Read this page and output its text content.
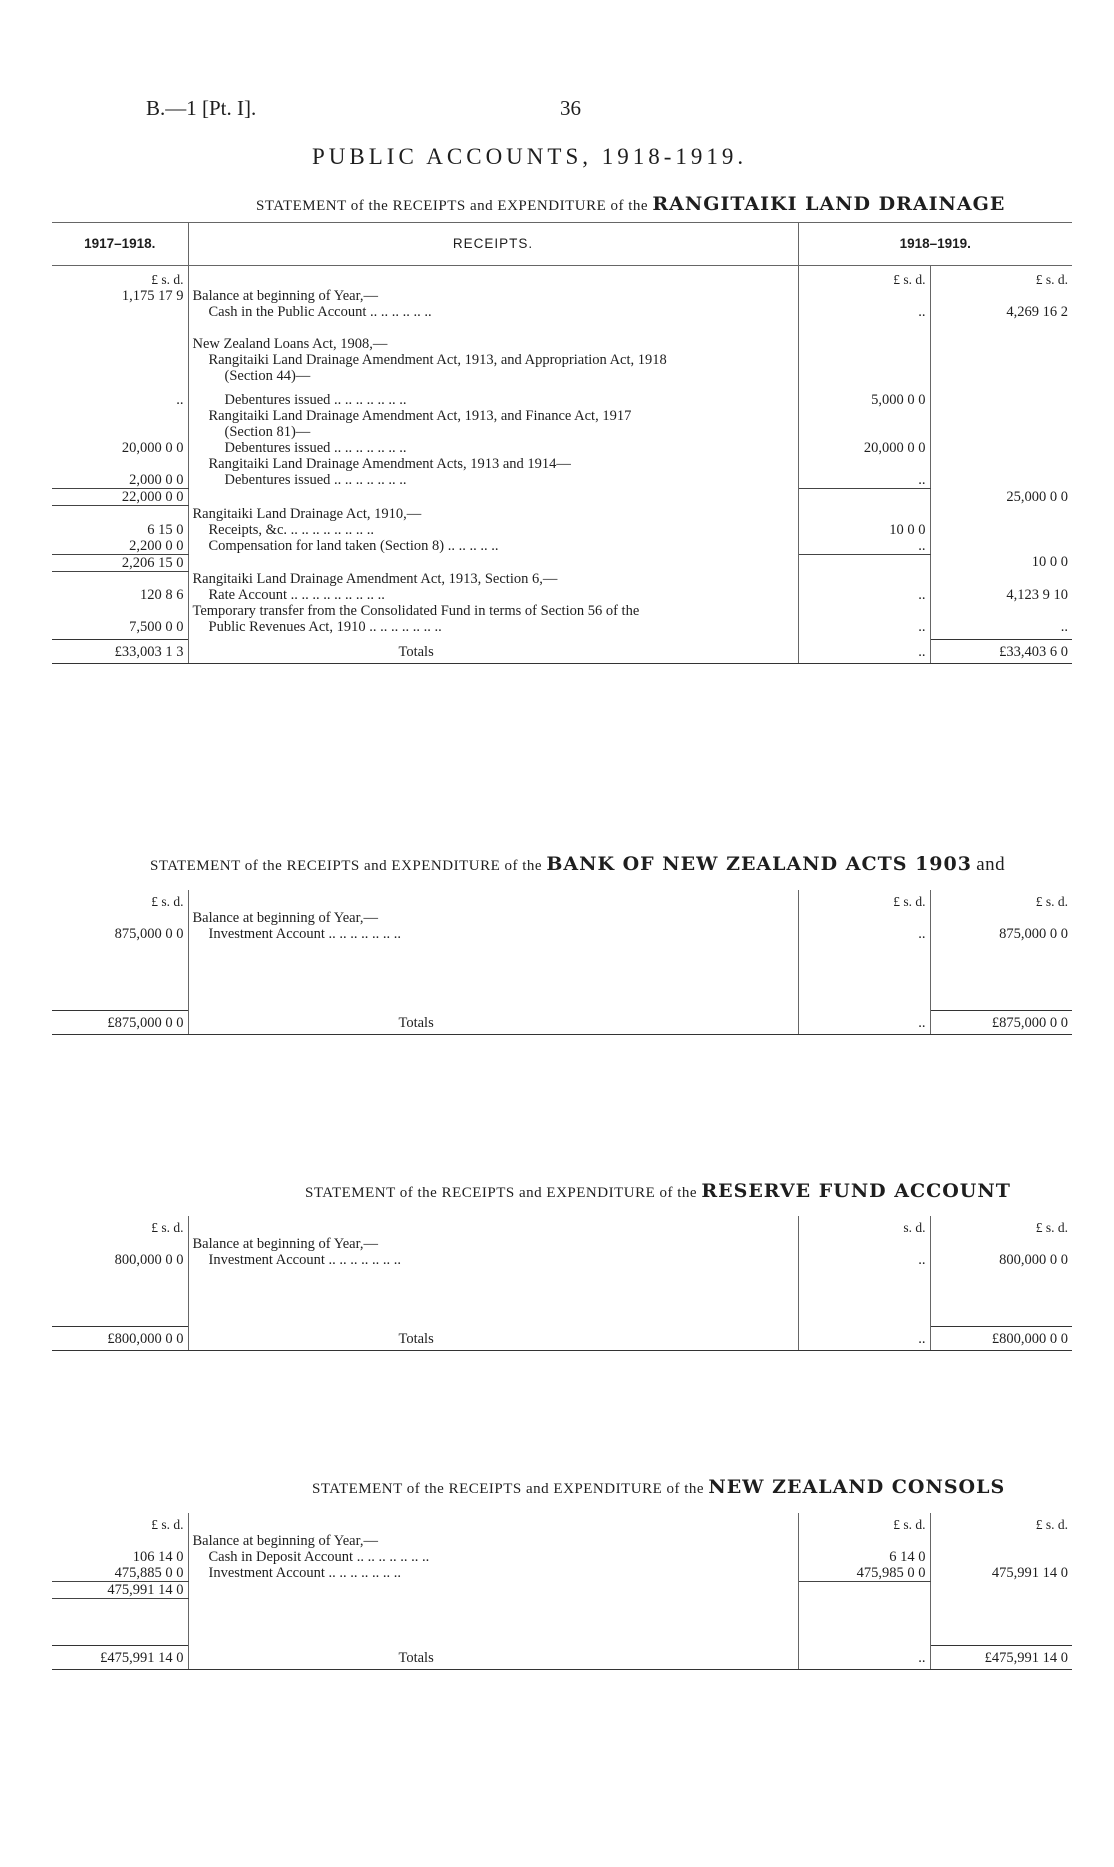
B.—1 [Pt. I].	36
PUBLIC ACCOUNTS, 1918-1919.
STATEMENT of the RECEIPTS and EXPENDITURE of the RANGITAIKI LAND DRAINAGE
1917–1918.	RECEIPTS.	1918–1919.	
£ s. d.		£ s. d.	£ s. d.
1,175 17 9	Balance at beginning of Year,—		
	Cash in the Public Account .. .. .. .. .. ..	..	4,269 16 2

	New Zealand Loans Act, 1908,—		
	Rangitaiki Land Drainage Amendment Act, 1913, and Appropriation Act, 1918		
	(Section 44)—		

..	Debentures issued .. .. .. .. .. .. ..	5,000 0 0	
	Rangitaiki Land Drainage Amendment Act, 1913, and Finance Act, 1917		
	(Section 81)—		
20,000 0 0	Debentures issued .. .. .. .. .. .. ..	20,000 0 0	
	Rangitaiki Land Drainage Amendment Acts, 1913 and 1914—		
2,000 0 0	Debentures issued .. .. .. .. .. .. ..	..	
22,000 0 0			25,000 0 0
	Rangitaiki Land Drainage Act, 1910,—		
6 15 0	Receipts, &c. .. .. .. .. .. .. .. ..	10 0 0	
2,200 0 0	Compensation for land taken (Section 8) .. .. .. .. ..	..	
2,206 15 0			10 0 0
	Rangitaiki Land Drainage Amendment Act, 1913, Section 6,—		
120 8 6	Rate Account .. .. .. .. .. .. .. .. ..	..	4,123 9 10

	Temporary transfer from the Consolidated Fund in terms of Section 56 of the		
7,500 0 0	Public Revenues Act, 1910 .. .. .. .. .. .. ..	..	..

£33,003 1 3	Totals	..	£33,403 6 0
STATEMENT of the RECEIPTS and EXPENDITURE of the BANK OF NEW ZEALAND ACTS 1903 and
£ s. d.		£ s. d.	£ s. d.
	Balance at beginning of Year,—		
875,000 0 0	Investment Account .. .. .. .. .. .. ..	..	875,000 0 0

£875,000 0 0	Totals	..	£875,000 0 0
STATEMENT of the RECEIPTS and EXPENDITURE of the RESERVE FUND ACCOUNT
£ s. d.		s. d.	£ s. d.
	Balance at beginning of Year,—		
800,000 0 0	Investment Account .. .. .. .. .. .. ..	..	800,000 0 0

£800,000 0 0	Totals	..	£800,000 0 0
STATEMENT of the RECEIPTS and EXPENDITURE of the NEW ZEALAND CONSOLS
£ s. d.		£ s. d.	£ s. d.
	Balance at beginning of Year,—		
106 14 0	Cash in Deposit Account .. .. .. .. .. .. ..	6 14 0	
475,885 0 0	Investment Account .. .. .. .. .. .. ..	475,985 0 0	475,991 14 0
475,991 14 0			

£475,991 14 0	Totals	..	£475,991 14 0
